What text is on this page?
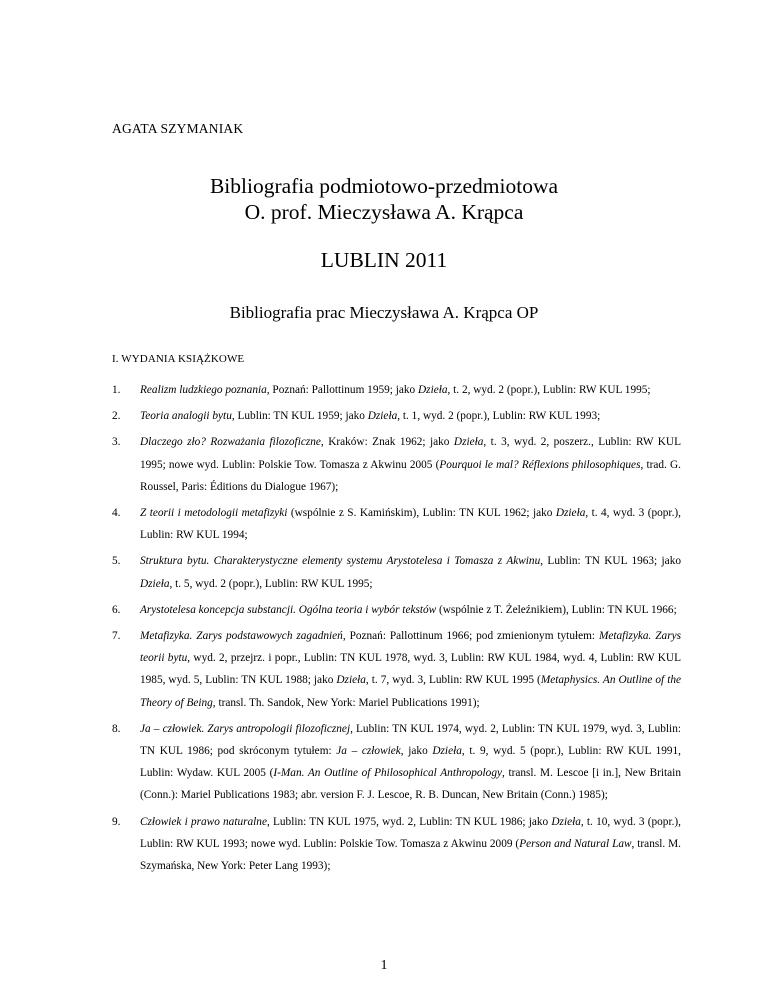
AGATA SZYMANIAK
Bibliografia podmiotowo-przedmiotowa
O. prof. Mieczysława A. Krąpca
LUBLIN 2011
Bibliografia prac Mieczysława A. Krąpca OP
I. WYDANIA KSIĄŻKOWE
1. Realizm ludzkiego poznania, Poznań: Pallottinum 1959; jako Dzieła, t. 2, wyd. 2 (popr.), Lublin: RW KUL 1995;
2. Teoria analogii bytu, Lublin: TN KUL 1959; jako Dzieła, t. 1, wyd. 2 (popr.), Lublin: RW KUL 1993;
3. Dlaczego zło? Rozważania filozoficzne, Kraków: Znak 1962; jako Dzieła, t. 3, wyd. 2, poszerz., Lublin: RW KUL 1995; nowe wyd. Lublin: Polskie Tow. Tomasza z Akwinu 2005 (Pourquoi le mal? Réflexions philosophiques, trad. G. Roussel, Paris: Éditions du Dialogue 1967);
4. Z teorii i metodologii metafizyki (wspólnie z S. Kamińskim), Lublin: TN KUL 1962; jako Dzieła, t. 4, wyd. 3 (popr.), Lublin: RW KUL 1994;
5. Struktura bytu. Charakterystyczne elementy systemu Arystotelesa i Tomasza z Akwinu, Lublin: TN KUL 1963; jako Dzieła, t. 5, wyd. 2 (popr.), Lublin: RW KUL 1995;
6. Arystotelesa koncepcja substancji. Ogólna teoria i wybór tekstów (wspólnie z T. Żeleźnikiem), Lublin: TN KUL 1966;
7. Metafizyka. Zarys podstawowych zagadnień, Poznań: Pallottinum 1966; pod zmienionym tytułem: Metafizyka. Zarys teorii bytu, wyd. 2, przejrz. i popr., Lublin: TN KUL 1978, wyd. 3, Lublin: RW KUL 1984, wyd. 4, Lublin: RW KUL 1985, wyd. 5, Lublin: TN KUL 1988; jako Dzieła, t. 7, wyd. 3, Lublin: RW KUL 1995 (Metaphysics. An Outline of the Theory of Being, transl. Th. Sandok, New York: Mariel Publications 1991);
8. Ja – człowiek. Zarys antropologii filozoficznej, Lublin: TN KUL 1974, wyd. 2, Lublin: TN KUL 1979, wyd. 3, Lublin: TN KUL 1986; pod skróconym tytułem: Ja – człowiek, jako Dzieła, t. 9, wyd. 5 (popr.), Lublin: RW KUL 1991, Lublin: Wydaw. KUL 2005 (I-Man. An Outline of Philosophical Anthropology, transl. M. Lescoe [i in.], New Britain (Conn.): Mariel Publications 1983; abr. version F. J. Lescoe, R. B. Duncan, New Britain (Conn.) 1985);
9. Człowiek i prawo naturalne, Lublin: TN KUL 1975, wyd. 2, Lublin: TN KUL 1986; jako Dzieła, t. 10, wyd. 3 (popr.), Lublin: RW KUL 1993; nowe wyd. Lublin: Polskie Tow. Tomasza z Akwinu 2009 (Person and Natural Law, transl. M. Szymańska, New York: Peter Lang 1993);
1
